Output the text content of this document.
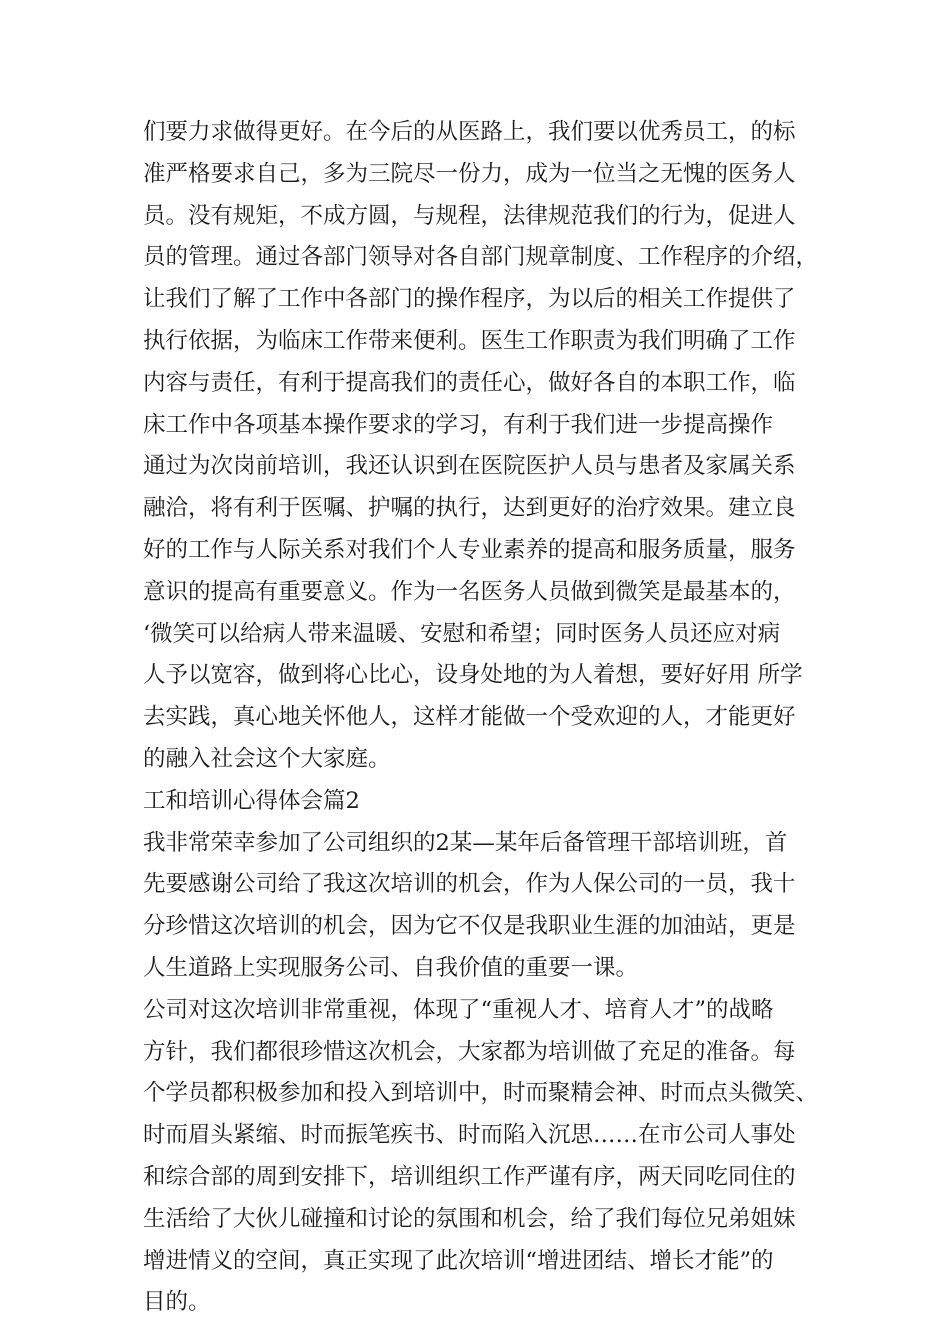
们要力求做得更好。在今后的从医路上，我们要以优秀员工，的标
准严格要求自己，多为三院尽一份力，成为一位当之无愧的医务人
员。没有规矩，不成方圆，与规程，法律规范我们的行为，促进人
员的管理。通过各部门领导对各自部门规章制度、工作程序的介绍，
让我们了解了工作中各部门的操作程序，为以后的相关工作提供了
执行依据，为临床工作带来便利。医生工作职责为我们明确了工作
内容与责任，有利于提高我们的责任心，做好各自的本职工作，临
床工作中各项基本操作要求的学习，有利于我们进一步提高操作
通过为次岗前培训，我还认识到在医院医护人员与患者及家属关系
融洽，将有利于医嘱、护嘱的执行，达到更好的治疗效果。建立良
好的工作与人际关系对我们个人专业素养的提高和服务质量，服务
意识的提高有重要意义。作为一名医务人员做到微笑是最基本的，
‘微笑可以给病人带来温暖、安慰和希望；同时医务人员还应对病
人予以宽容，做到将心比心，设身处地的为人着想，要好好用 所学
去实践，真心地关怀他人，这样才能做一个受欢迎的人，才能更好
的融入社会这个大家庭。
工和培训心得体会篇2
我非常荣幸参加了公司组织的2某—某年后备管理干部培训班，首
先要感谢公司给了我这次培训的机会，作为人保公司的一员，我十
分珍惜这次培训的机会，因为它不仅是我职业生涯的加油站，更是
人生道路上实现服务公司、自我价值的重要一课。
公司对这次培训非常重视，体现了“重视人才、培育人才”的战略
方针，我们都很珍惜这次机会，大家都为培训做了充足的准备。每
个学员都积极参加和投入到培训中，时而聚精会神、时而点头微笑、
时而眉头紧缩、时而振笔疾书、时而陷入沉思……在市公司人事处
和综合部的周到安排下，培训组织工作严谨有序，两天同吃同住的
生活给了大伙儿碰撞和讨论的氛围和机会，给了我们每位兄弟姐妹
增进情义的空间，真正实现了此次培训“增进团结、增长才能”的
目的。
